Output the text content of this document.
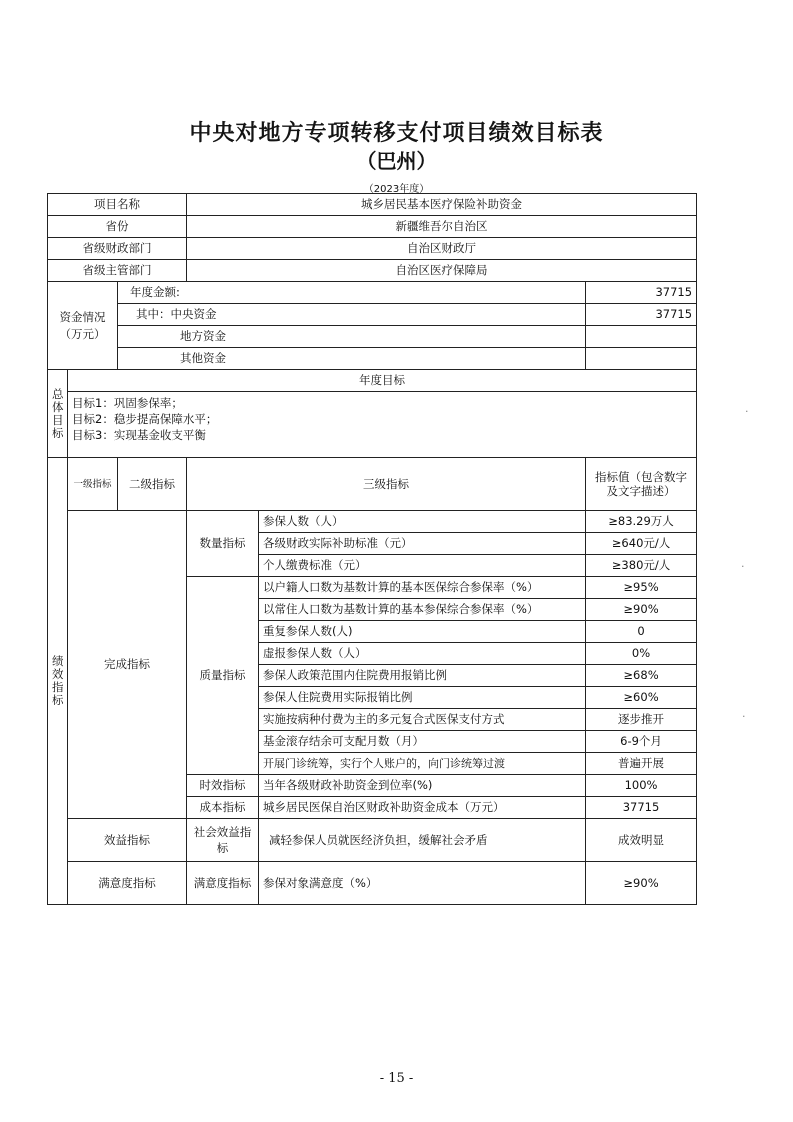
中央对地方专项转移支付项目绩效目标表
（巴州）
（2023年度）
项目名称			城乡居民基本医疗保险补助资金		
省份			新疆维吾尔自治区		
省级财政部门			自治区财政厅		
省级主管部门			自治区医疗保障局		
资金情况（万元）		年度金额:			37715
		其中：中央资金			37715
		地方资金			
		其他资金			
总体目标	年度目标				

	目标1：巩固参保率；
目标2：稳步提高保障水平；
目标3：实现基金收支平衡				

绩效指标	一级指标	二级指标	三级指标		指标值（包含数字及文字描述）
	完成指标		数量指标	参保人数（人）	≥83.29万人
				各级财政实际补助标准（元）	≥640元/人
				个人缴费标准（元）	≥380元/人
			质量指标	以户籍人口数为基数计算的基本医保综合参保率（%）	≥95%
				以常住人口数为基数计算的基本参保综合参保率（%）	≥90%
				重复参保人数(人)	0
				虚报参保人数（人）	0%
				参保人政策范围内住院费用报销比例	≥68%
				参保人住院费用实际报销比例	≥60%
				实施按病种付费为主的多元复合式医保支付方式	逐步推开
				基金滚存结余可支配月数（月）	6-9个月
				开展门诊统筹，实行个人账户的，向门诊统筹过渡	普遍开展
			时效指标	当年各级财政补助资金到位率(%)	100%
			成本指标	城乡居民医保自治区财政补助资金成本（万元）	37715
	效益指标		社会效益指标	减轻参保人员就医经济负担，缓解社会矛盾	成效明显
	满意度指标		满意度指标	参保对象满意度（%）	≥90%
·
·
·
- 15 -
